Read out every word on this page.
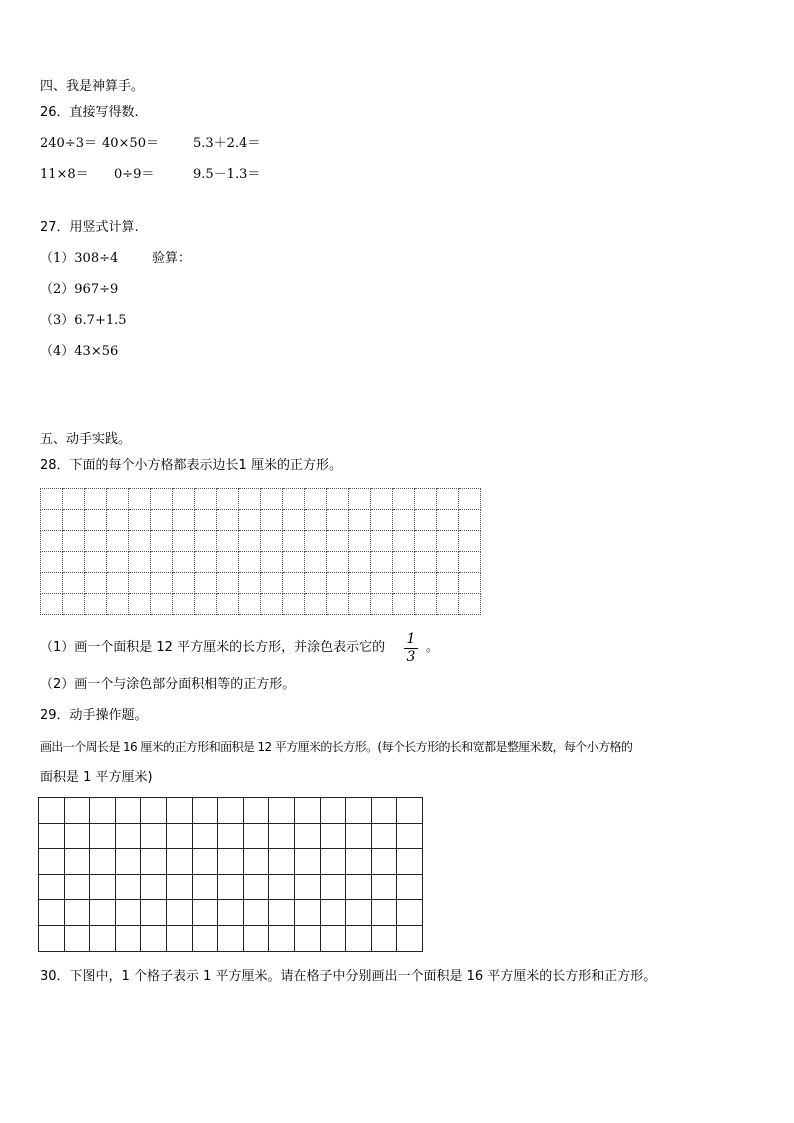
四、我是神算手。
26．直接写得数.
240÷3＝ 40×50＝	5.3＋2.4＝
11×8＝ 0÷9＝	9.5－1.3＝
27．用竖式计算.
（1）308÷4	验算：
（2）967÷9
（3）6.7+1.5
（4）43×56
五、动手实践。
28．下面的每个小方格都表示边长1 厘米的正方形。

（1）画一个面积是 12 平方厘米的长方形，并涂色表示它的
1
3
。
（2）画一个与涂色部分面积相等的正方形。
29．动手操作题。
画出一个周长是 16 厘米的正方形和面积是 12 平方厘米的长方形。(每个长方形的长和宽都是整厘米数，每个小方格的
面积是 1 平方厘米)

30．下图中，1 个格子表示 1 平方厘米。请在格子中分别画出一个面积是 16 平方厘米的长方形和正方形。
